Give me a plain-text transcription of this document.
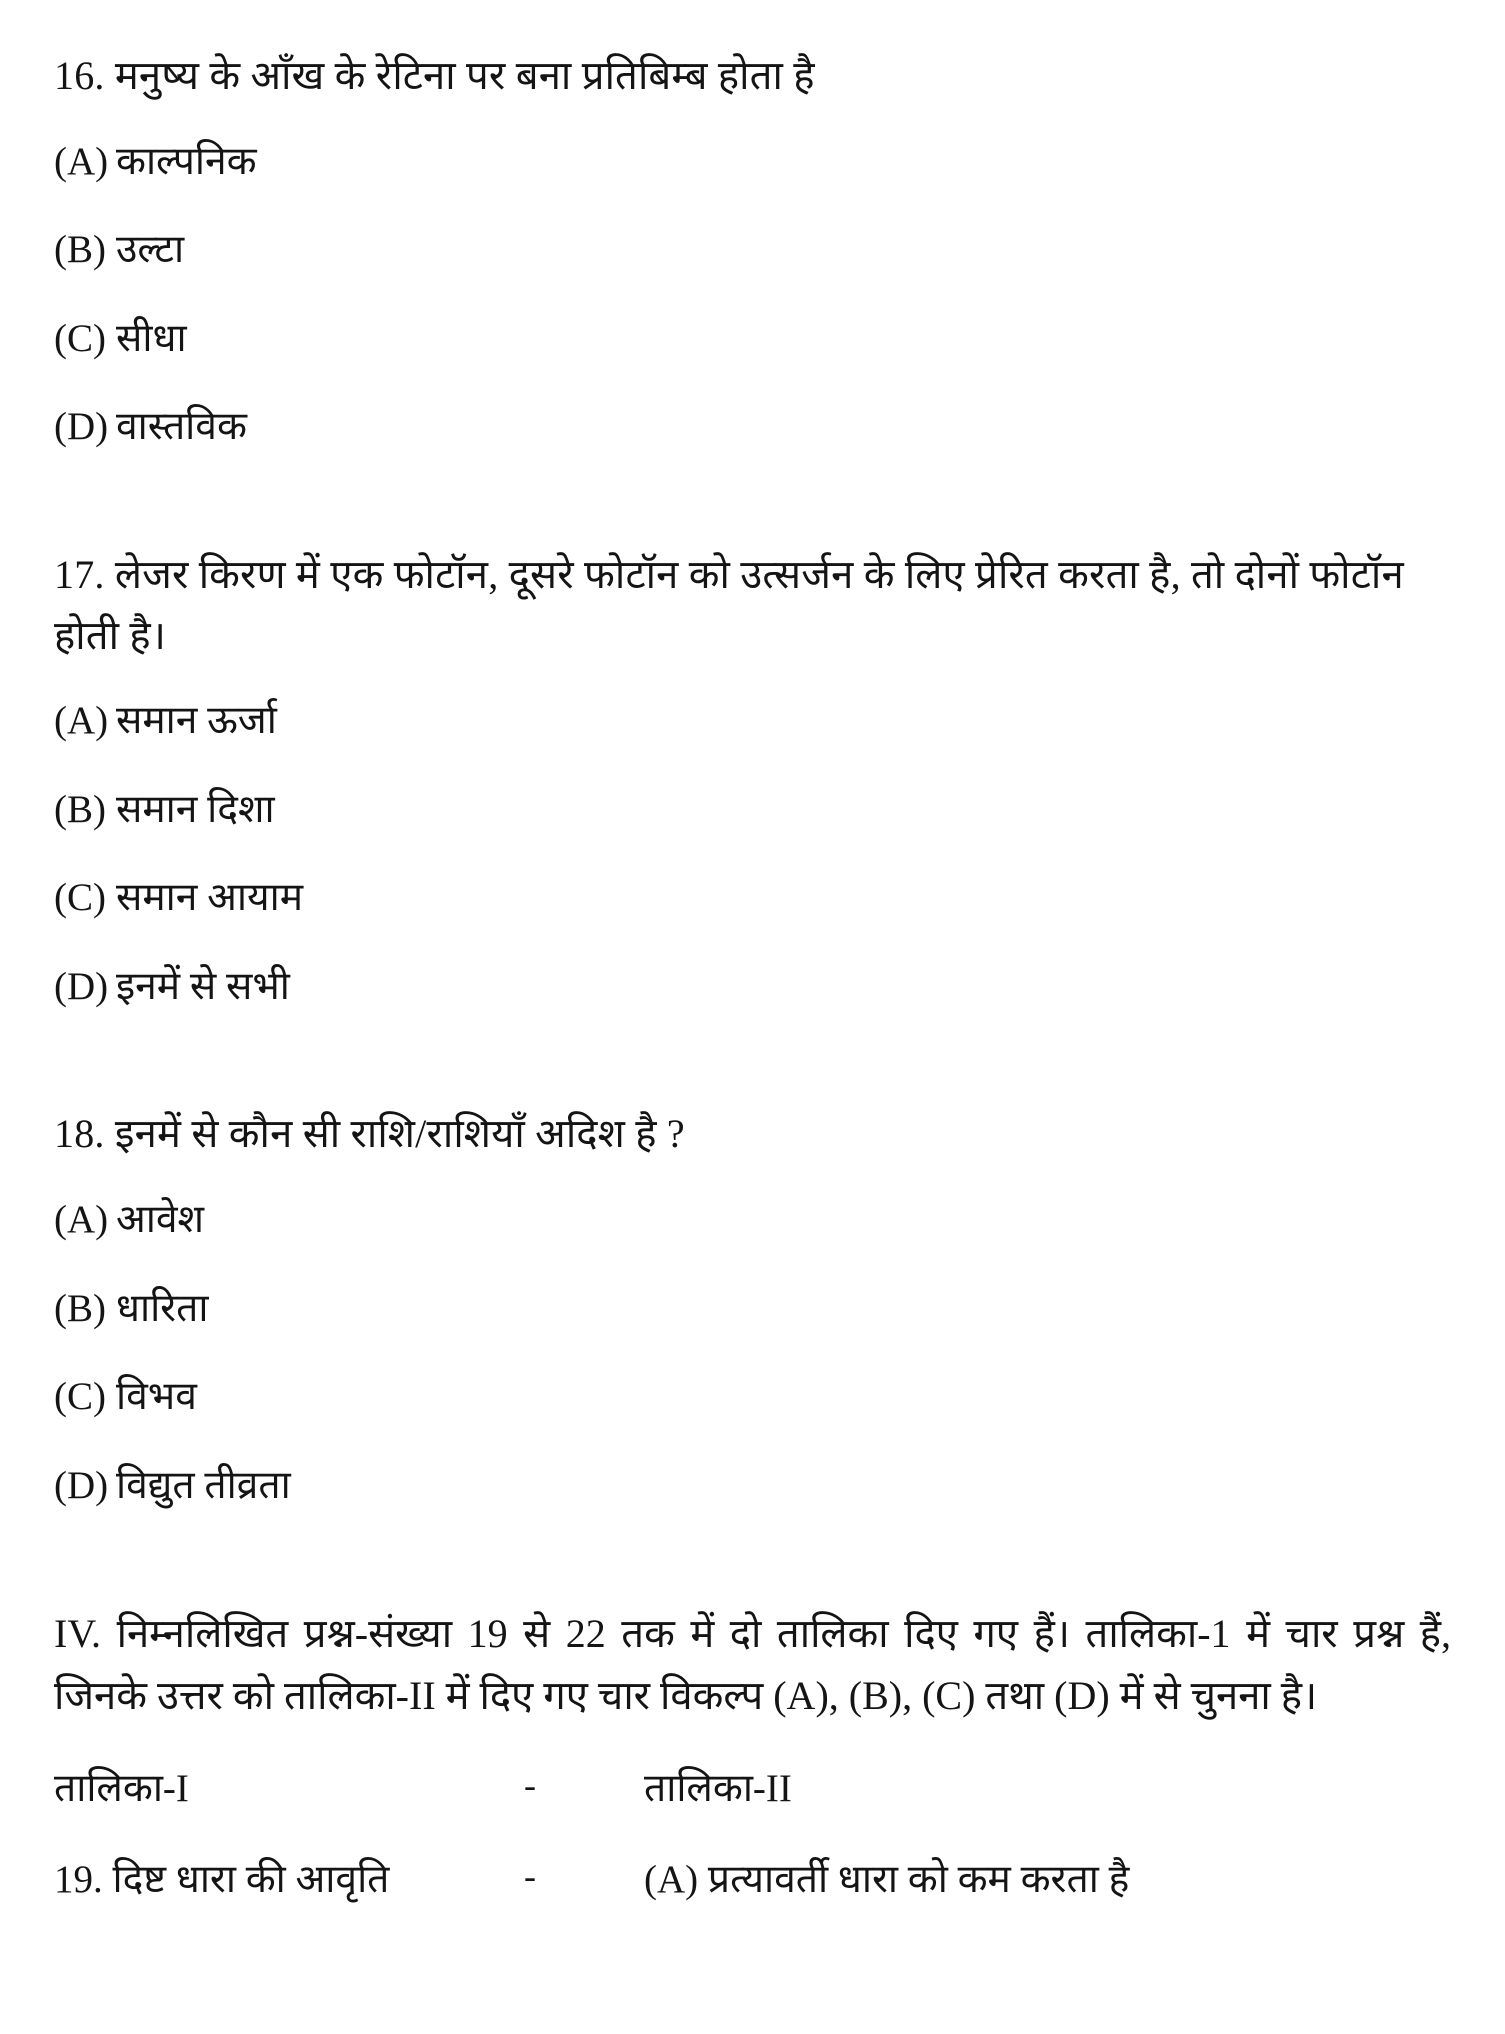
16. मनुष्य के आँख के रेटिना पर बना प्रतिबिम्ब होता है

(A) काल्पनिक
(B) उल्टा
(C) सीधा
(D) वास्तविक

17. लेजर किरण में एक फोटॉन, दूसरे फोटॉन को उत्सर्जन के लिए प्रेरित करता है, तो दोनों फोटॉन होती है।

(A) समान ऊर्जा
(B) समान दिशा
(C) समान आयाम
(D) इनमें से सभी

18. इनमें से कौन सी राशि/राशियाँ अदिश है ?

(A) आवेश
(B) धारिता
(C) विभव
(D) विद्युत तीव्रता

IV. निम्नलिखित प्रश्न-संख्या 19 से 22 तक में दो तालिका दिए गए हैं। तालिका-1 में चार प्रश्न हैं, जिनके उत्तर को तालिका-II में दिए गए चार विकल्प (A), (B), (C) तथा (D) में से चुनना है।

तालिका-I	-	तालिका-II
19. दिष्ट धारा की आवृति	-	(A) प्रत्यावर्ती धारा को कम करता है
